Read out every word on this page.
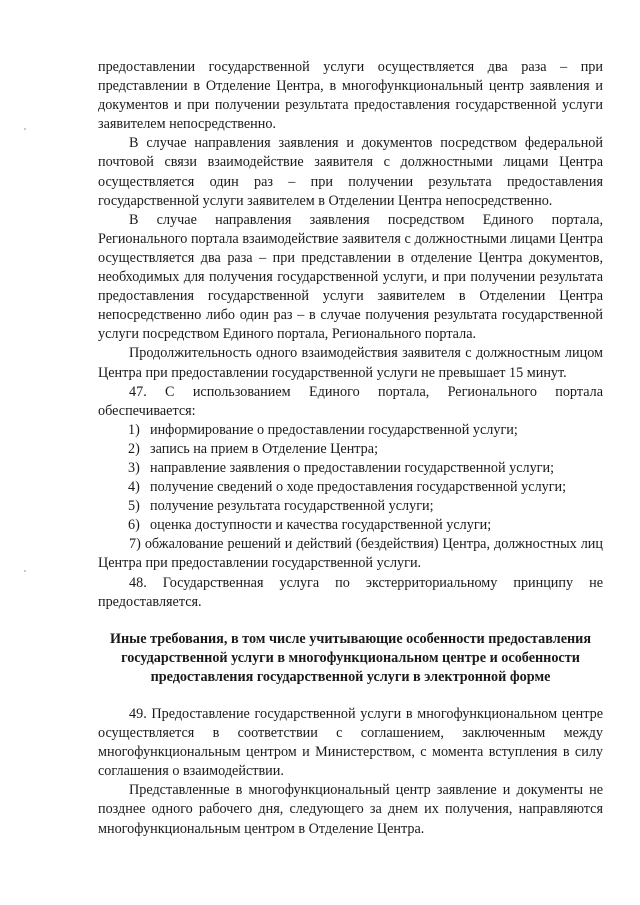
предоставлении государственной услуги осуществляется два раза – при представлении в Отделение Центра, в многофункциональный центр заявления и документов и при получении результата предоставления государственной услуги заявителем непосредственно.

В случае направления заявления и документов посредством федеральной почтовой связи взаимодействие заявителя с должностными лицами Центра осуществляется один раз – при получении результата предоставления государственной услуги заявителем в Отделении Центра непосредственно.

В случае направления заявления посредством Единого портала, Регионального портала взаимодействие заявителя с должностными лицами Центра осуществляется два раза – при представлении в отделение Центра документов, необходимых для получения государственной услуги, и при получении результата предоставления государственной услуги заявителем в Отделении Центра непосредственно либо один раз – в случае получения результата государственной услуги посредством Единого портала, Регионального портала.

Продолжительность одного взаимодействия заявителя с должностным лицом Центра при предоставлении государственной услуги не превышает 15 минут.

47. С использованием Единого портала, Регионального портала обеспечивается:

1) информирование о предоставлении государственной услуги;
2) запись на прием в Отделение Центра;
3) направление заявления о предоставлении государственной услуги;
4) получение сведений о ходе предоставления государственной услуги;
5) получение результата государственной услуги;
6) оценка доступности и качества государственной услуги;

7) обжалование решений и действий (бездействия) Центра, должностных лиц Центра при предоставлении государственной услуги.

48. Государственная услуга по экстерриториальному принципу не предоставляется.

Иные требования, в том числе учитывающие особенности предоставления государственной услуги в многофункциональном центре и особенности предоставления государственной услуги в электронной форме

49. Предоставление государственной услуги в многофункциональном центре осуществляется в соответствии с соглашением, заключенным между многофункциональным центром и Министерством, с момента вступления в силу соглашения о взаимодействии.

Представленные в многофункциональный центр заявление и документы не позднее одного рабочего дня, следующего за днем их получения, направляются многофункциональным центром в Отделение Центра.
